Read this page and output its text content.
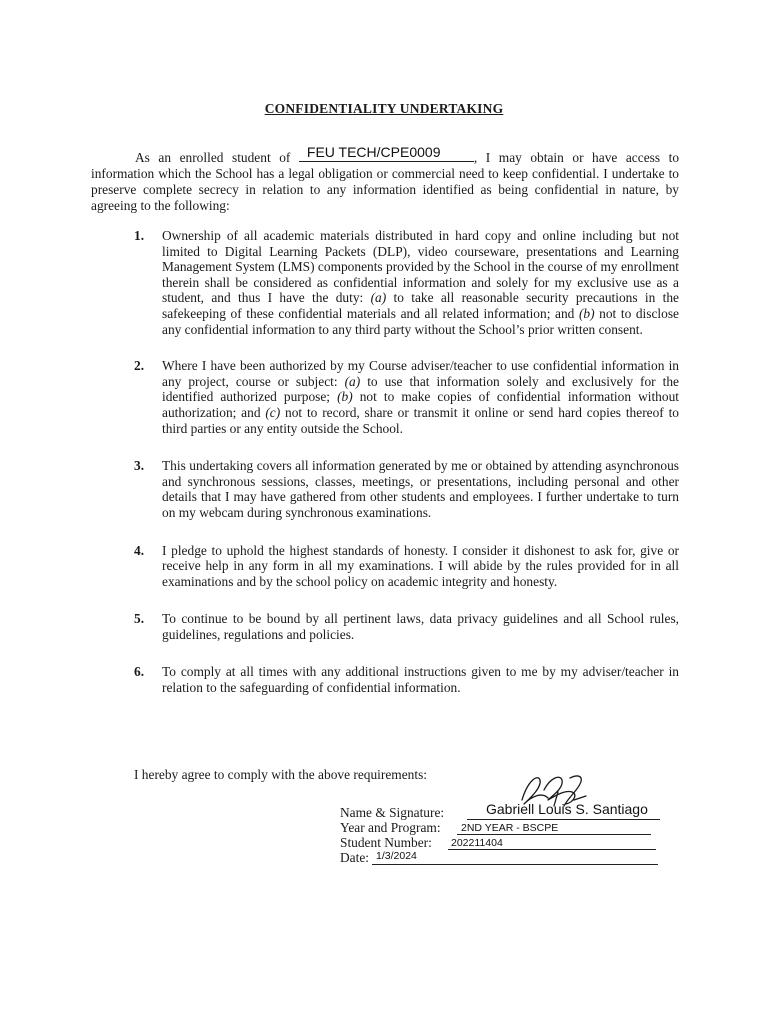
CONFIDENTIALITY UNDERTAKING

As an enrolled student of FEU TECH/CPE0009 , I may obtain or have access to information which the School has a legal obligation or commercial need to keep confidential. I undertake to preserve complete secrecy in relation to any information identified as being confidential in nature, by agreeing to the following:

1. Ownership of all academic materials distributed in hard copy and online including but not limited to Digital Learning Packets (DLP), video courseware, presentations and Learning Management System (LMS) components provided by the School in the course of my enrollment therein shall be considered as confidential information and solely for my exclusive use as a student, and thus I have the duty: (a) to take all reasonable security precautions in the safekeeping of these confidential materials and all related information; and (b) not to disclose any confidential information to any third party without the School’s prior written consent.
2. Where I have been authorized by my Course adviser/teacher to use confidential information in any project, course or subject: (a) to use that information solely and exclusively for the identified authorized purpose; (b) not to make copies of confidential information without authorization; and (c) not to record, share or transmit it online or send hard copies thereof to third parties or any entity outside the School.
3. This undertaking covers all information generated by me or obtained by attending asynchronous and synchronous sessions, classes, meetings, or presentations, including personal and other details that I may have gathered from other students and employees. I further undertake to turn on my webcam during synchronous examinations.
4. I pledge to uphold the highest standards of honesty. I consider it dishonest to ask for, give or receive help in any form in all my examinations. I will abide by the rules provided for in all examinations and by the school policy on academic integrity and honesty.
5. To continue to be bound by all pertinent laws, data privacy guidelines and all School rules, guidelines, regulations and policies.
6. To comply at all times with any additional instructions given to me by my adviser/teacher in relation to the safeguarding of confidential information.
I hereby agree to comply with the above requirements:
Name & Signature:	Gabriell Louis S. Santiago
Year and Program: 2ND YEAR - BSCPE
Student Number: 202211404
Date: 1/3/2024
